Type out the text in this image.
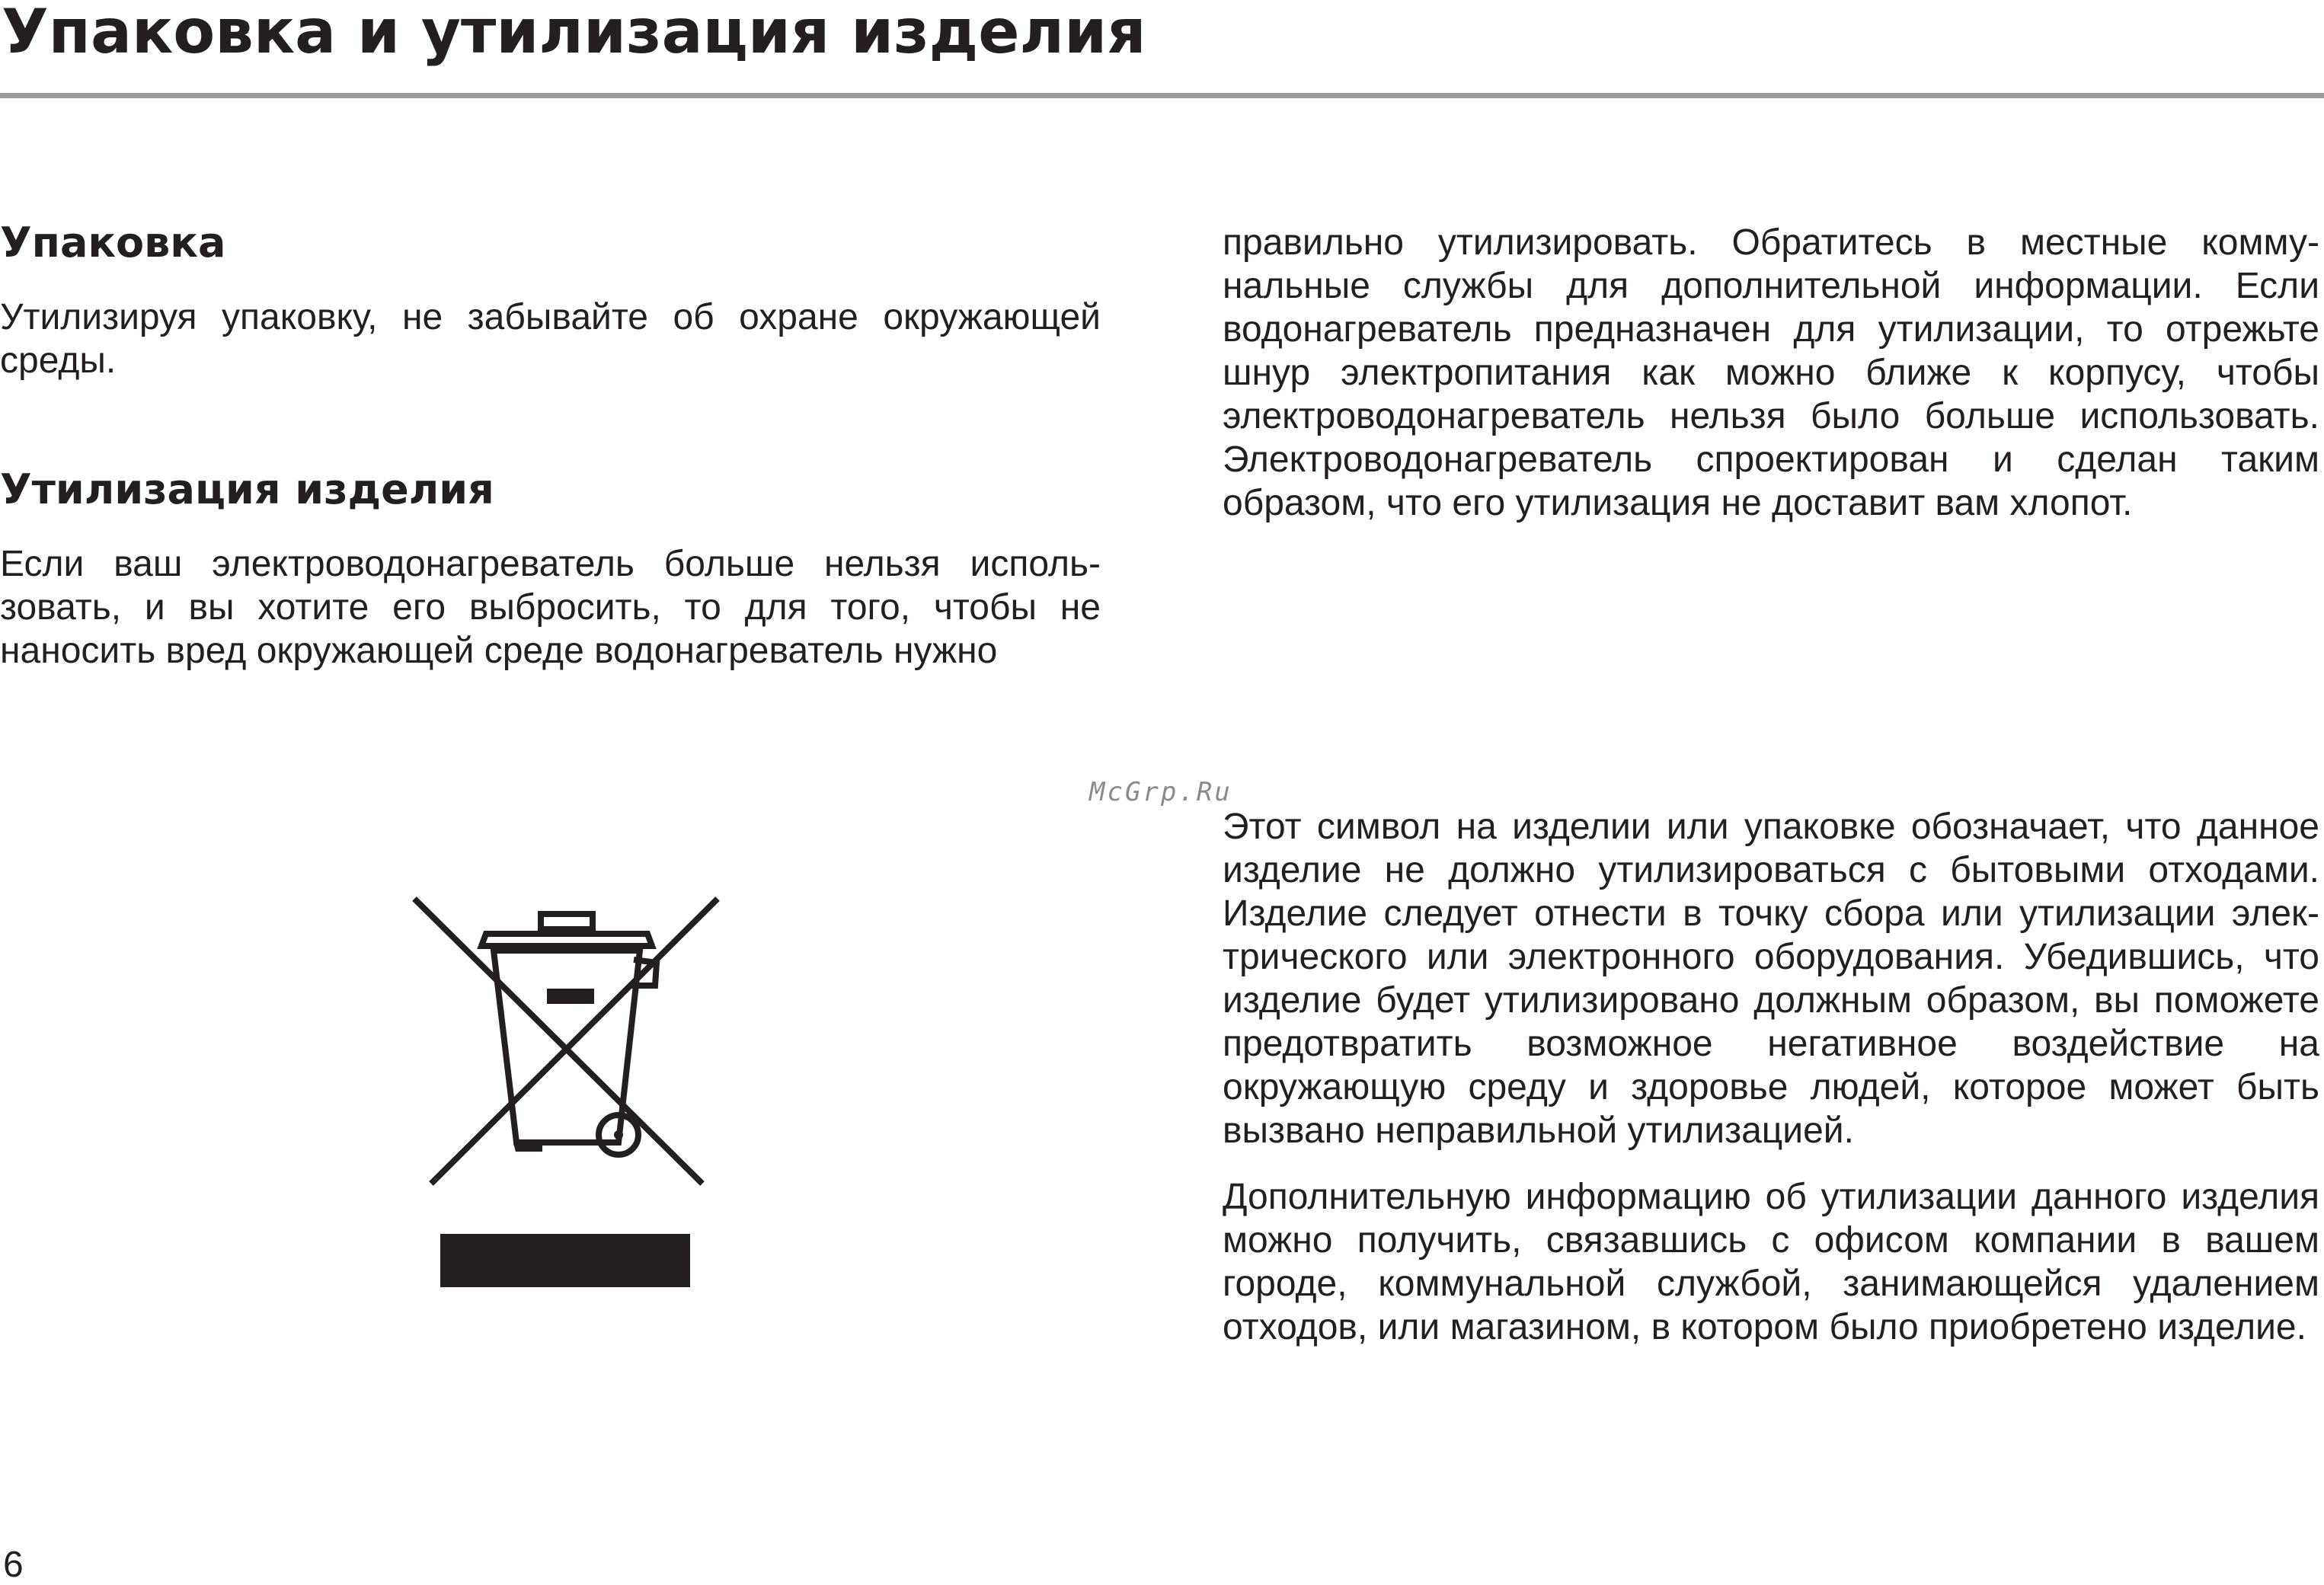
Упаковка и утилизация изделия
Упаковка

Утилизируя упаковку, не забывайте об охране окружающей среды.

Утилизация изделия

Если ваш электроводонагреватель больше нельзя использовать, и вы хотите его выбросить, то для того, чтобы не наносить вред окружающей среде водонагреватель нужно

правильно утилизировать. Обратитесь в местные коммунальные службы для дополнительной информации. Если водонагреватель предназначен для утилизации, то отрежьте шнур электропитания как можно ближе к корпусу, чтобы электроводонагреватель нельзя было больше использовать. Электроводонагреватель спроектирован и сделан таким образом, что его утилизация не доставит вам хлопот.

McGrp.Ru

Этот символ на изделии или упаковке обозначает, что данное изделие не должно утилизироваться с бытовыми отходами. Изделие следует отнести в точку сбора или утилизации электрического или электронного оборудования. Убедившись, что изделие будет утилизировано должным образом, вы поможете предотвратить возможное негативное воздействие на окружающую среду и здоровье людей, которое может быть вызвано неправильной утилизацией.

Дополнительную информацию об утилизации данного изделия можно получить, связавшись с офисом компании в вашем городе, коммунальной службой, занимающейся удалением отходов, или магазином, в котором было приобретено изделие.

6
